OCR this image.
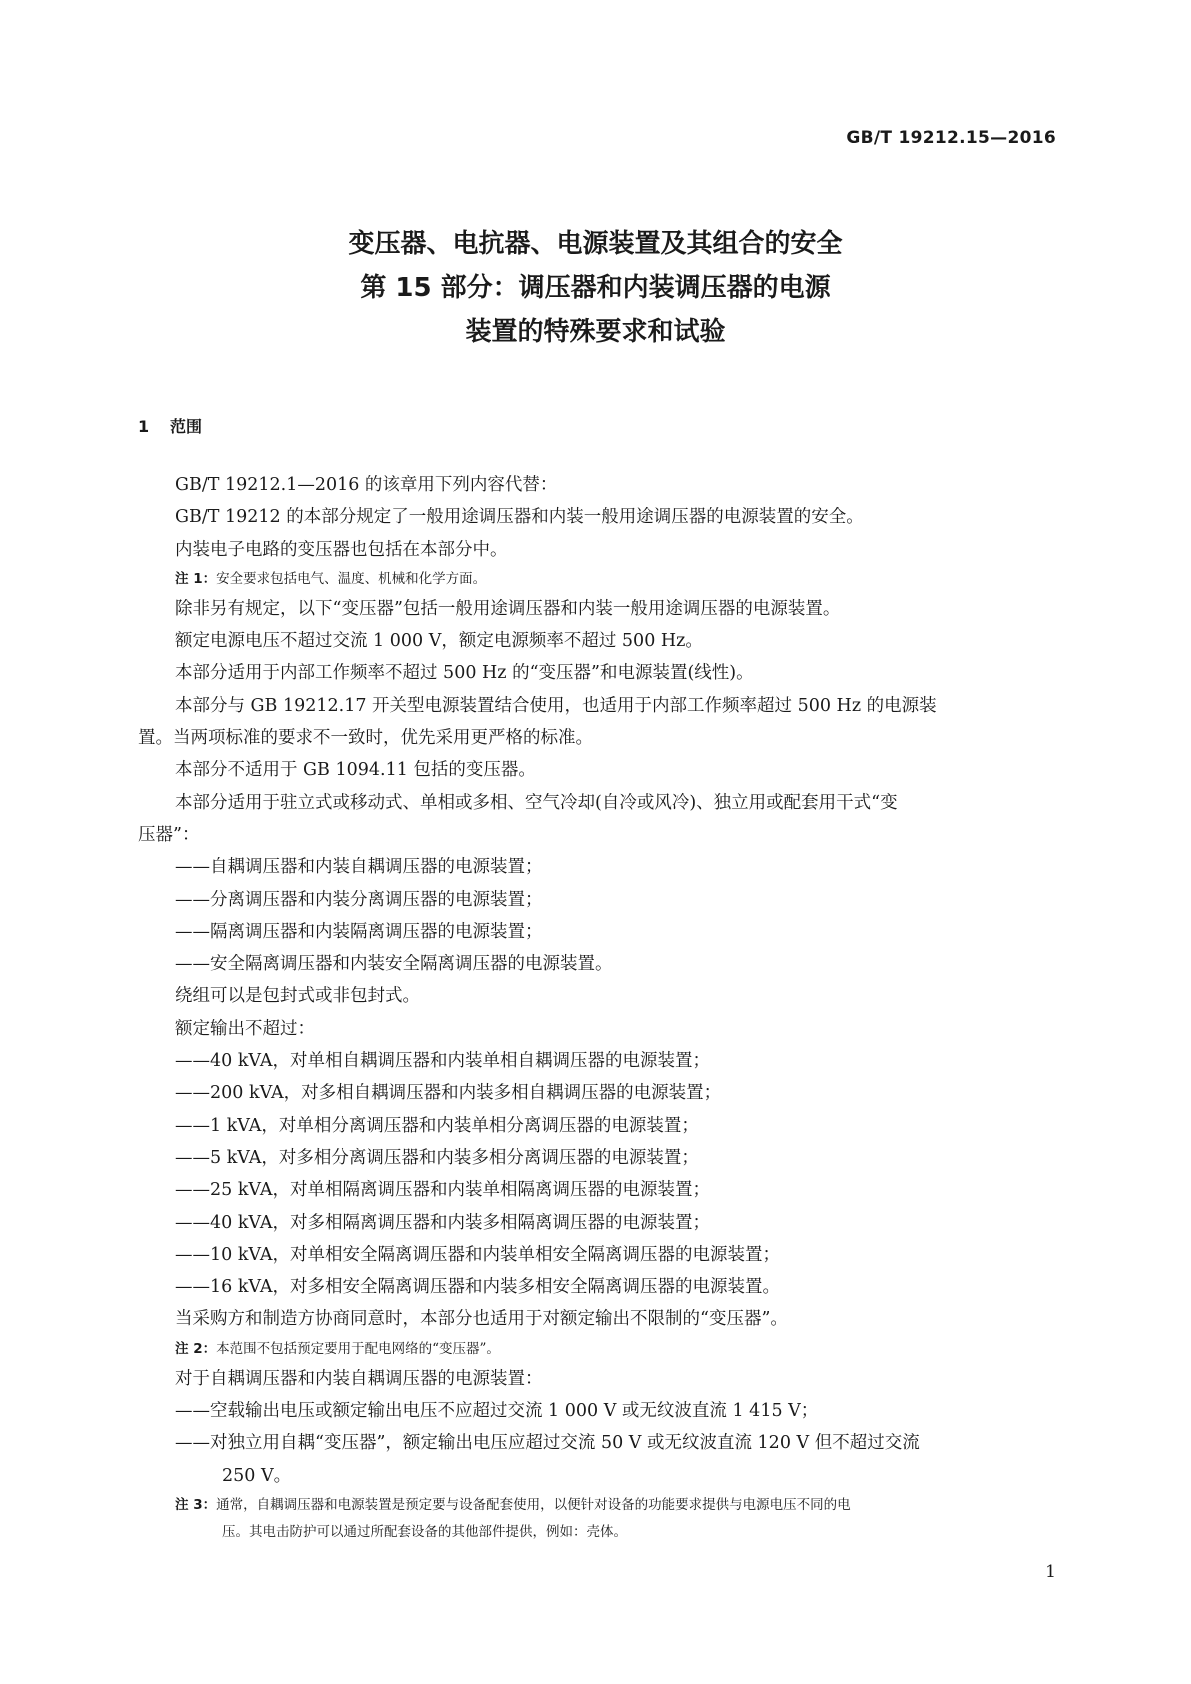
GB/T 19212.15—2016
变压器、电抗器、电源装置及其组合的安全
第 15 部分：调压器和内装调压器的电源
装置的特殊要求和试验
1 范围
GB/T 19212.1—2016 的该章用下列内容代替：
GB/T 19212 的本部分规定了一般用途调压器和内装一般用途调压器的电源装置的安全。
内装电子电路的变压器也包括在本部分中。
注 1：安全要求包括电气、温度、机械和化学方面。
除非另有规定，以下“变压器”包括一般用途调压器和内装一般用途调压器的电源装置。
额定电源电压不超过交流 1 000 V，额定电源频率不超过 500 Hz。
本部分适用于内部工作频率不超过 500 Hz 的“变压器”和电源装置(线性)。
本部分与 GB 19212.17 开关型电源装置结合使用，也适用于内部工作频率超过 500 Hz 的电源装
置。当两项标准的要求不一致时，优先采用更严格的标准。
本部分不适用于 GB 1094.11 包括的变压器。
本部分适用于驻立式或移动式、单相或多相、空气冷却(自冷或风冷)、独立用或配套用干式“变
压器”：
——自耦调压器和内装自耦调压器的电源装置；
——分离调压器和内装分离调压器的电源装置；
——隔离调压器和内装隔离调压器的电源装置；
——安全隔离调压器和内装安全隔离调压器的电源装置。
绕组可以是包封式或非包封式。
额定输出不超过：
——40 kVA，对单相自耦调压器和内装单相自耦调压器的电源装置；
——200 kVA，对多相自耦调压器和内装多相自耦调压器的电源装置；
——1 kVA，对单相分离调压器和内装单相分离调压器的电源装置；
——5 kVA，对多相分离调压器和内装多相分离调压器的电源装置；
——25 kVA，对单相隔离调压器和内装单相隔离调压器的电源装置；
——40 kVA，对多相隔离调压器和内装多相隔离调压器的电源装置；
——10 kVA，对单相安全隔离调压器和内装单相安全隔离调压器的电源装置；
——16 kVA，对多相安全隔离调压器和内装多相安全隔离调压器的电源装置。
当采购方和制造方协商同意时，本部分也适用于对额定输出不限制的“变压器”。
注 2：本范围不包括预定要用于配电网络的“变压器”。
对于自耦调压器和内装自耦调压器的电源装置：
——空载输出电压或额定输出电压不应超过交流 1 000 V 或无纹波直流 1 415 V；
——对独立用自耦“变压器”，额定输出电压应超过交流 50 V 或无纹波直流 120 V 但不超过交流
250 V。
注 3：通常，自耦调压器和电源装置是预定要与设备配套使用，以便针对设备的功能要求提供与电源电压不同的电
压。其电击防护可以通过所配套设备的其他部件提供，例如：壳体。
1
